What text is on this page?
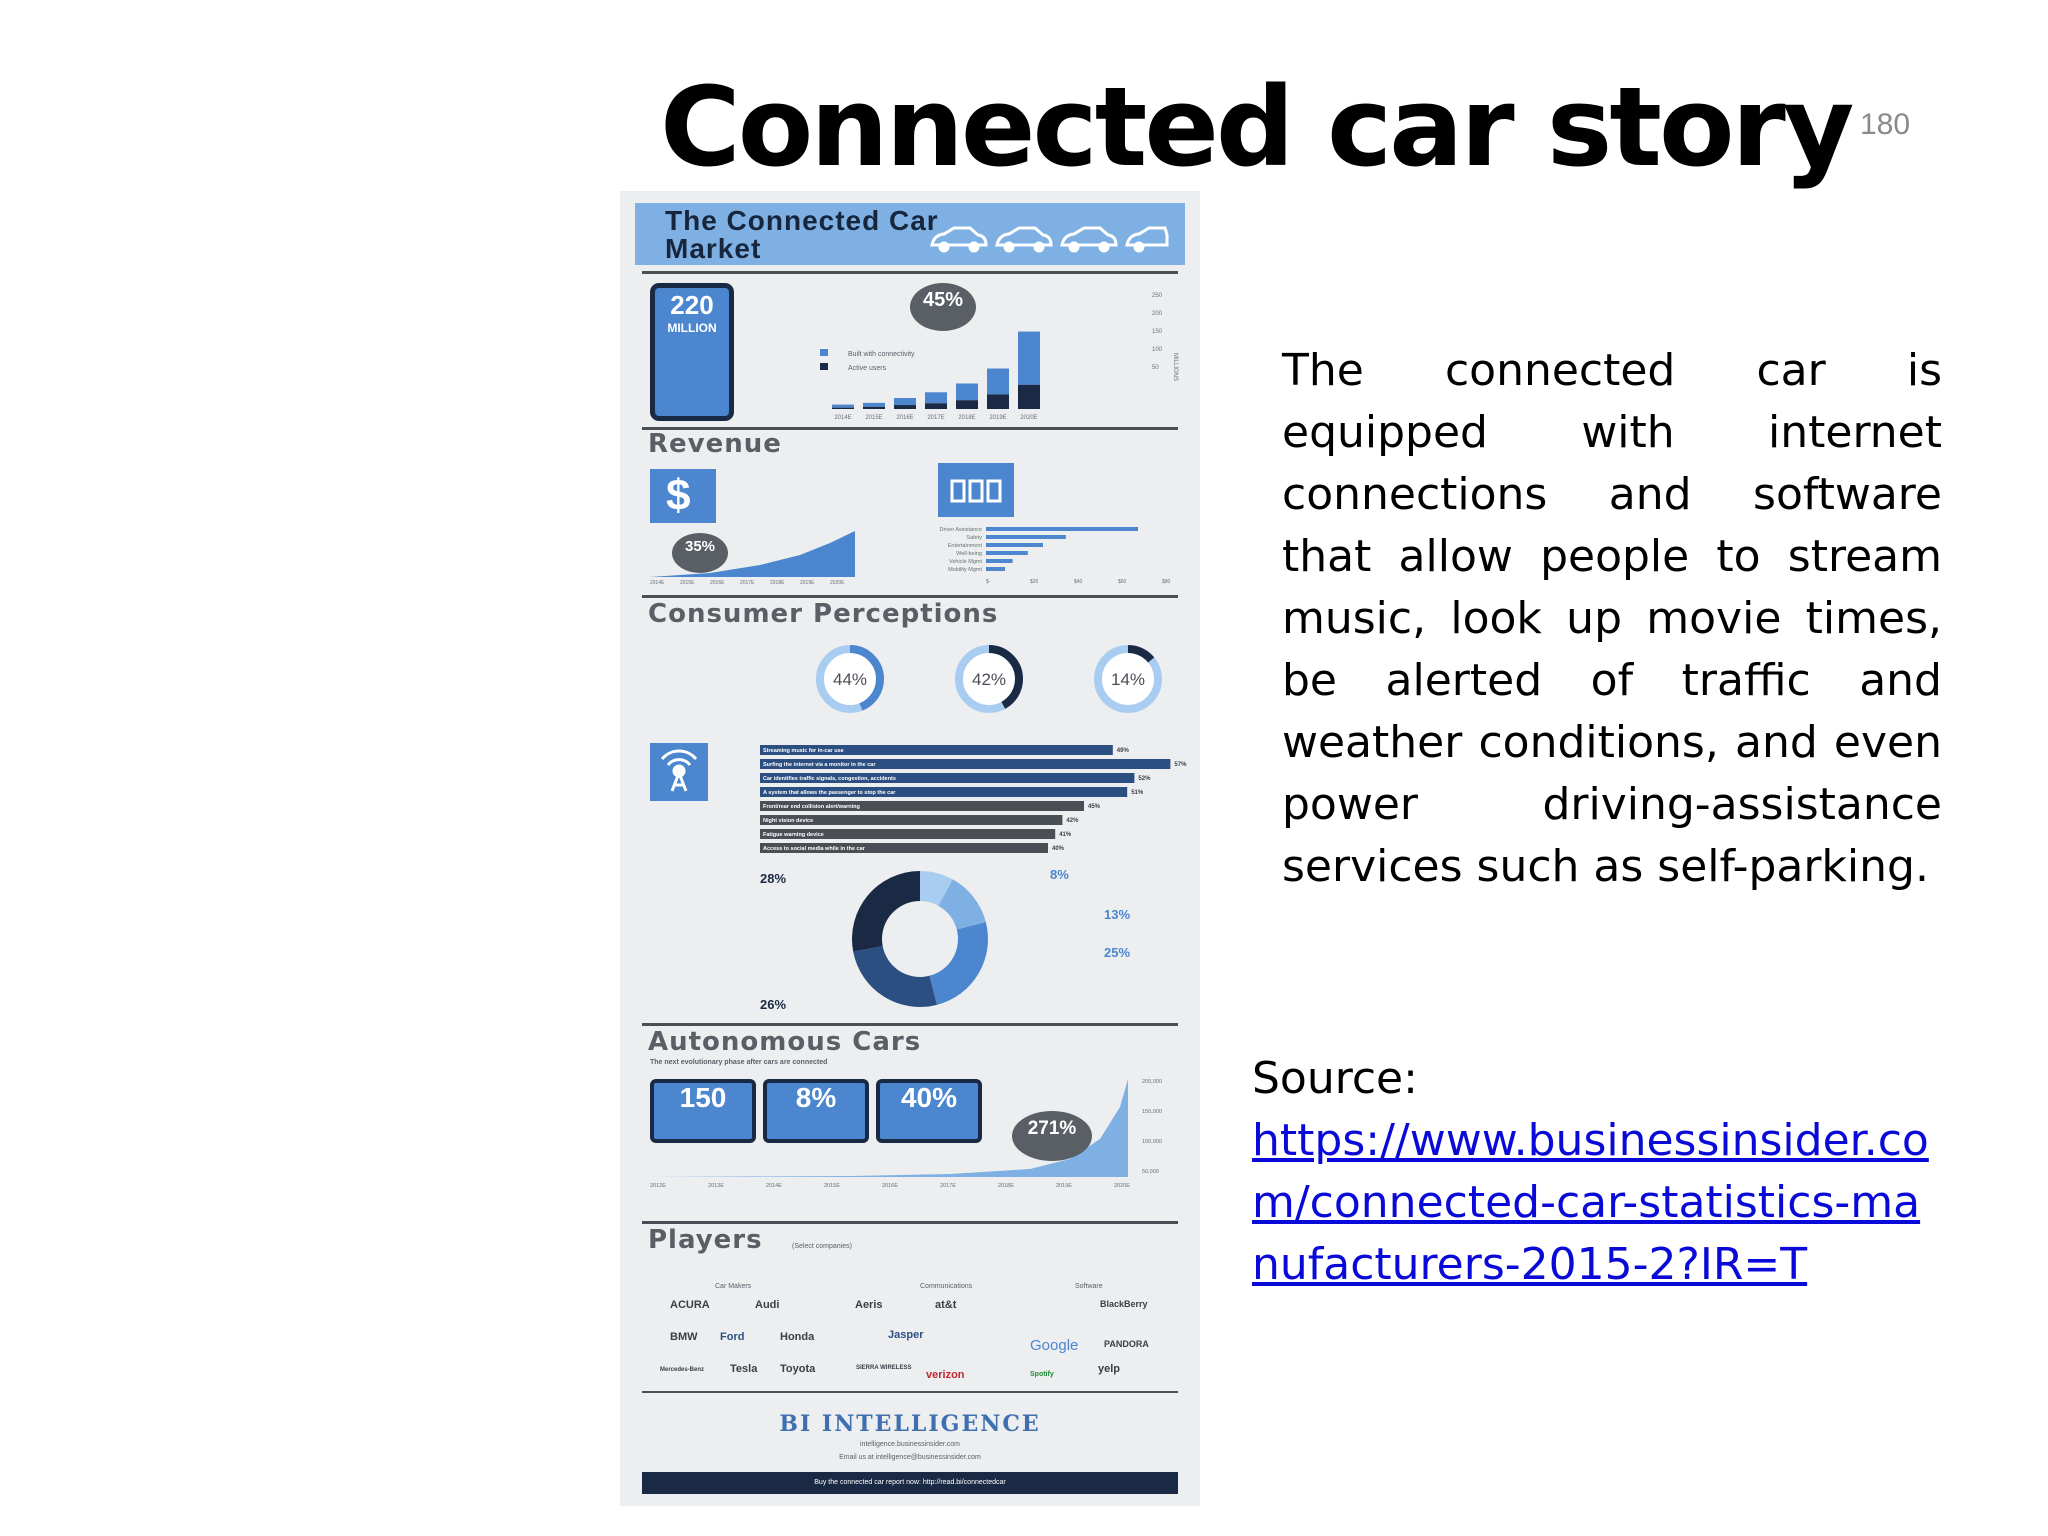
Connected car story 180

The connected car is equipped with internet connections and software that allow people to stream music, look up movie times, be alerted of traffic and weather conditions, and even power driving-assistance services such as self-parking.

Source:
https://www.businessinsider.com/connected-car-statistics-manufacturers-2015-2?IR=T
The Connected Car Market
220
MILLION
45%
Built with connectivity
Active users
2014E 2015E 2016E 2017E 2018E 2019E 2020E
250
200
150
100
50 MILLIONS
Revenue
$
2014E	2015E	2016E	2017E	2018E	2019E	2020E
35%
Driver Assistance
Safety
Entertainment
Well-being
Vehicle Mgmt
Mobility Mgmt
$-	$20	$40	$60	$80
Consumer Perceptions
44%	42%	14%
Streaming music for in-car use	49%
Surfing the internet via a monitor in the car	57%
Car identifies traffic signals, congestion, accidents	52%
A system that allows the passenger to stop the car	51%
Front/rear end collision alert/warning	45%
Night vision device	42%
Fatigue warning device	41%
Access to social media while in the car	40%
28%	8%
13%
25%
26%
Autonomous Cars
The next evolutionary phase after cars are connected
150	8%	40%
2012E	2013E	2014E	2015E	2016E	2017E	2018E	2019E	2020E
200,000
150,000
100,000
50,000
271%
Players	(Select companies)
Car Makers	Communications	Software
ACURA	Audi	Aeris	at&t	BlackBerry
BMW Ford	Honda	Jasper
Google	PANDORA
Mercedes-Benz Tesla Toyota	SIERRA WIRELESS
verizon	Spotify	yelp
BI INTELLIGENCE
intelligence.businessinsider.com
Email us at intelligence@businessinsider.com
Buy the connected car report now: http://read.bi/connectedcar
